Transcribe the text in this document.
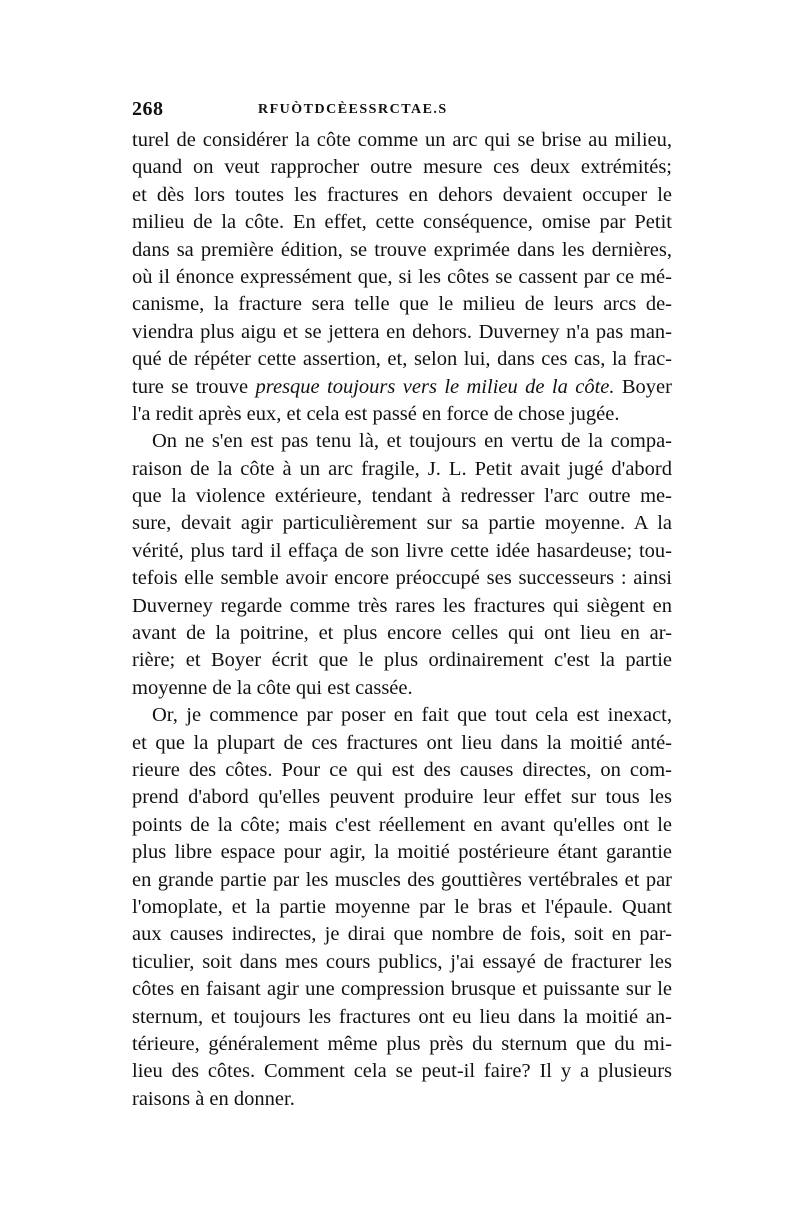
268	RFUÒTDCÈESSRCTAE.S
turel de considérer la côte comme un arc qui se brise au milieu,
quand on veut rapprocher outre mesure ces deux extrémités;
et dès lors toutes les fractures en dehors devaient occuper le
milieu de la côte. En effet, cette conséquence, omise par Petit
dans sa première édition, se trouve exprimée dans les dernières,
où il énonce expressément que, si les côtes se cassent par ce mé-
canisme, la fracture sera telle que le milieu de leurs arcs de-
viendra plus aigu et se jettera en dehors. Duverney n'a pas man-
qué de répéter cette assertion, et, selon lui, dans ces cas, la frac-
ture se trouve presque toujours vers le milieu de la côte. Boyer
l'a redit après eux, et cela est passé en force de chose jugée.
On ne s'en est pas tenu là, et toujours en vertu de la compa-
raison de la côte à un arc fragile, J. L. Petit avait jugé d'abord
que la violence extérieure, tendant à redresser l'arc outre me-
sure, devait agir particulièrement sur sa partie moyenne. A la
vérité, plus tard il effaça de son livre cette idée hasardeuse; tou-
tefois elle semble avoir encore préoccupé ses successeurs : ainsi
Duverney regarde comme très rares les fractures qui siègent en
avant de la poitrine, et plus encore celles qui ont lieu en ar-
rière; et Boyer écrit que le plus ordinairement c'est la partie
moyenne de la côte qui est cassée.
Or, je commence par poser en fait que tout cela est inexact,
et que la plupart de ces fractures ont lieu dans la moitié anté-
rieure des côtes. Pour ce qui est des causes directes, on com-
prend d'abord qu'elles peuvent produire leur effet sur tous les
points de la côte; mais c'est réellement en avant qu'elles ont le
plus libre espace pour agir, la moitié postérieure étant garantie
en grande partie par les muscles des gouttières vertébrales et par
l'omoplate, et la partie moyenne par le bras et l'épaule. Quant
aux causes indirectes, je dirai que nombre de fois, soit en par-
ticulier, soit dans mes cours publics, j'ai essayé de fracturer les
côtes en faisant agir une compression brusque et puissante sur le
sternum, et toujours les fractures ont eu lieu dans la moitié an-
térieure, généralement même plus près du sternum que du mi-
lieu des côtes. Comment cela se peut-il faire? Il y a plusieurs
raisons à en donner.
